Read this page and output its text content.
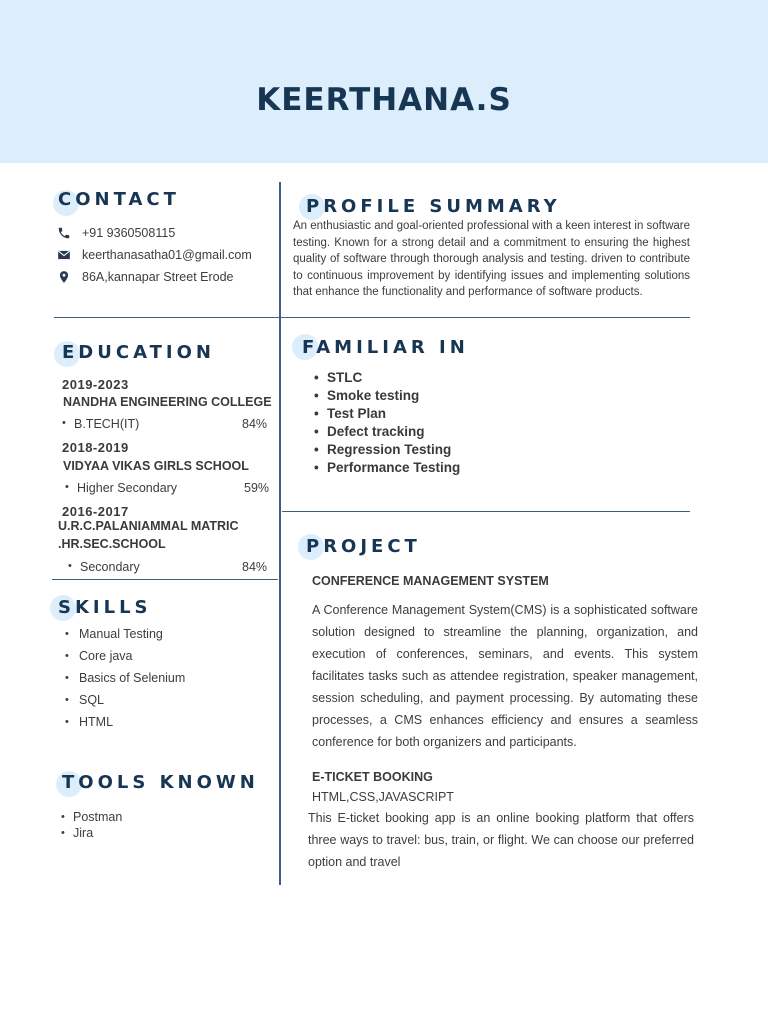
KEERTHANA.S
CONTACT
+91 9360508115
keerthanasatha01@gmail.com
86A,kannapar Street Erode
PROFILE SUMMARY
An enthusiastic and goal-oriented professional with a keen interest in software testing. Known for a strong detail and a commitment to ensuring the highest quality of software through thorough analysis and testing. driven to contribute to continuous improvement by identifying issues and implementing solutions that enhance the functionality and performance of software products.
EDUCATION
2019-2023
NANDHA ENGINEERING COLLEGE
• B.TECH(IT)	84%
2018-2019
VIDYAA VIKAS GIRLS SCHOOL
• Higher Secondary	59%
2016-2017
U.R.C.PALANIAMMAL MATRIC
.HR.SEC.SCHOOL
• Secondary	84%
FAMILIAR IN
• STLC
• Smoke testing
• Test Plan
• Defect tracking
• Regression Testing
• Performance Testing
SKILLS
• Manual Testing
• Core java
• Basics of Selenium
• SQL
• HTML
TOOLS KNOWN
• Postman
• Jira
PROJECT
CONFERENCE MANAGEMENT SYSTEM
A Conference Management System(CMS) is a sophisticated software solution designed to streamline the planning, organization, and execution of conferences, seminars, and events. This system facilitates tasks such as attendee registration, speaker management, session scheduling, and payment processing. By automating these processes, a CMS enhances efficiency and ensures a seamless conference for both organizers and participants.
E-TICKET BOOKING
HTML,CSS,JAVASCRIPT
This E-ticket booking app is an online booking platform that offers three ways to travel: bus, train, or flight. We can choose our preferred option and travel
